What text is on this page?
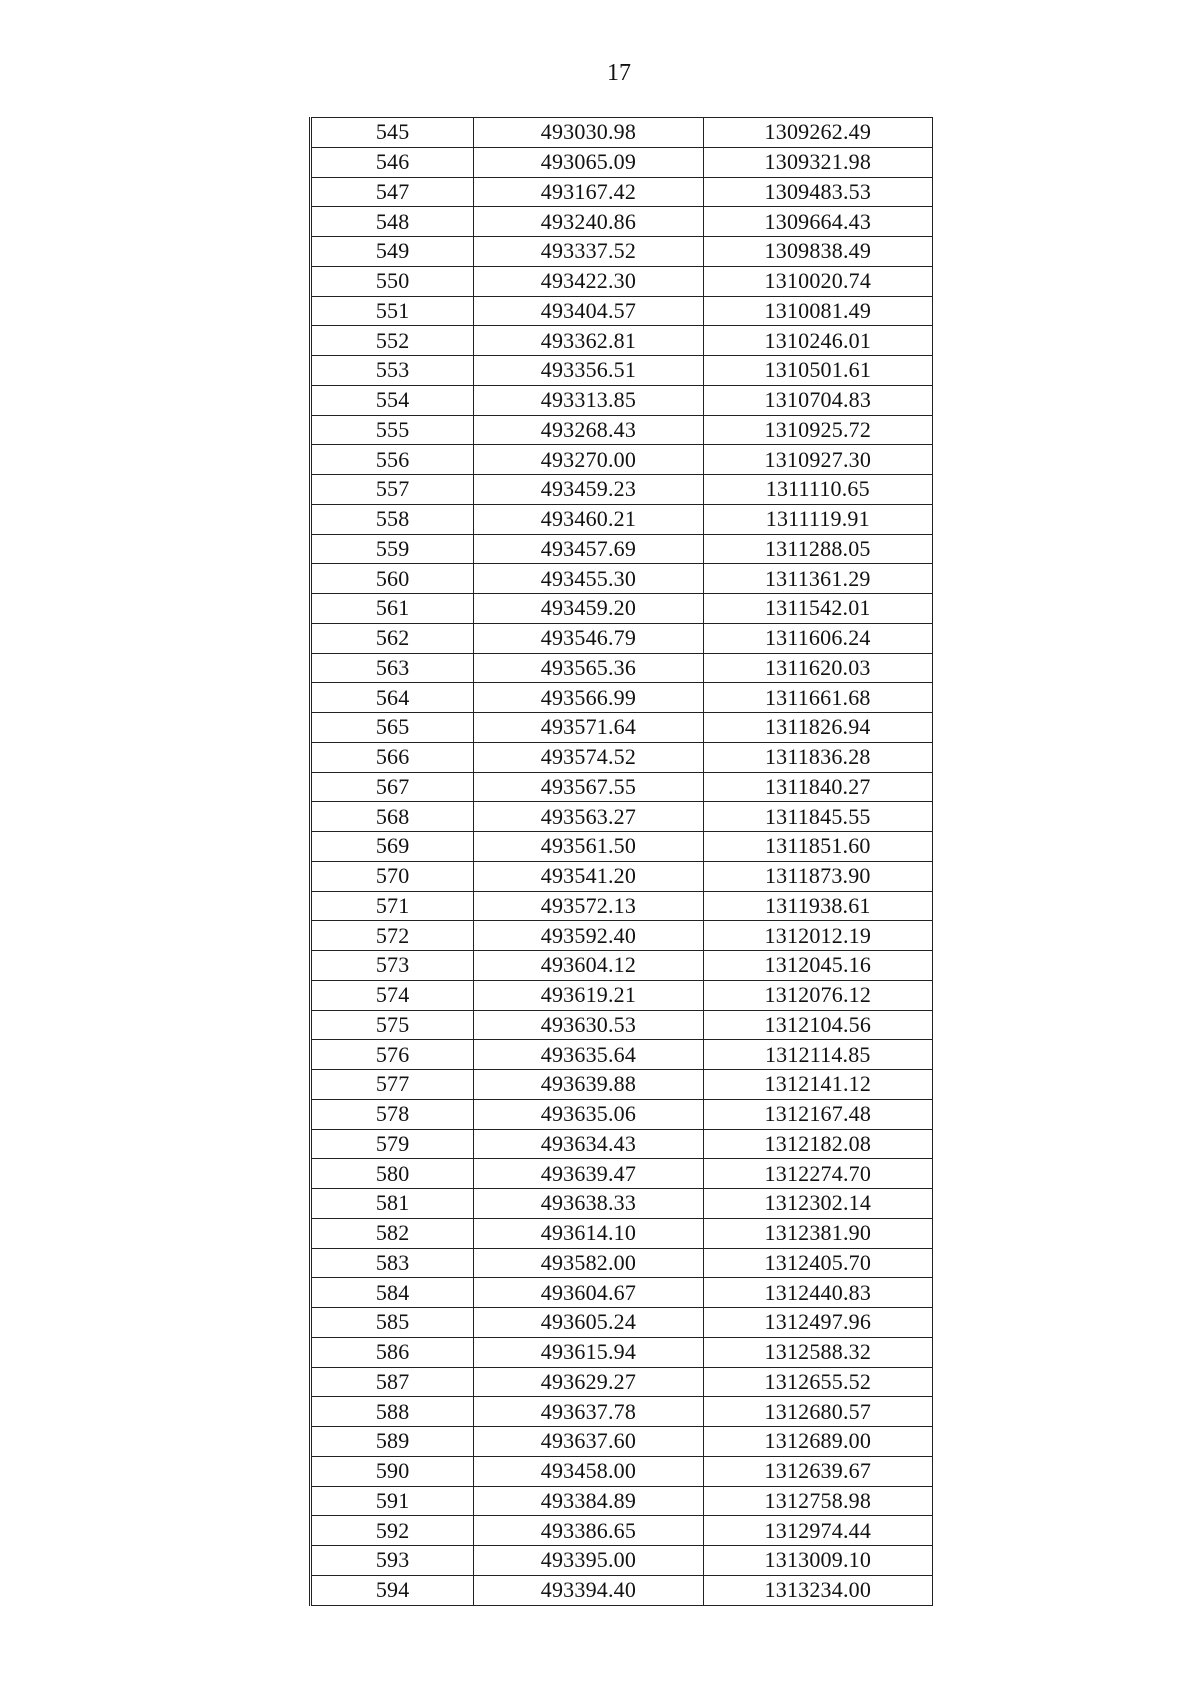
17
545	493030.98	1309262.49
546	493065.09	1309321.98
547	493167.42	1309483.53
548	493240.86	1309664.43
549	493337.52	1309838.49
550	493422.30	1310020.74
551	493404.57	1310081.49
552	493362.81	1310246.01
553	493356.51	1310501.61
554	493313.85	1310704.83
555	493268.43	1310925.72
556	493270.00	1310927.30
557	493459.23	1311110.65
558	493460.21	1311119.91
559	493457.69	1311288.05
560	493455.30	1311361.29
561	493459.20	1311542.01
562	493546.79	1311606.24
563	493565.36	1311620.03
564	493566.99	1311661.68
565	493571.64	1311826.94
566	493574.52	1311836.28
567	493567.55	1311840.27
568	493563.27	1311845.55
569	493561.50	1311851.60
570	493541.20	1311873.90
571	493572.13	1311938.61
572	493592.40	1312012.19
573	493604.12	1312045.16
574	493619.21	1312076.12
575	493630.53	1312104.56
576	493635.64	1312114.85
577	493639.88	1312141.12
578	493635.06	1312167.48
579	493634.43	1312182.08
580	493639.47	1312274.70
581	493638.33	1312302.14
582	493614.10	1312381.90
583	493582.00	1312405.70
584	493604.67	1312440.83
585	493605.24	1312497.96
586	493615.94	1312588.32
587	493629.27	1312655.52
588	493637.78	1312680.57
589	493637.60	1312689.00
590	493458.00	1312639.67
591	493384.89	1312758.98
592	493386.65	1312974.44
593	493395.00	1313009.10
594	493394.40	1313234.00
